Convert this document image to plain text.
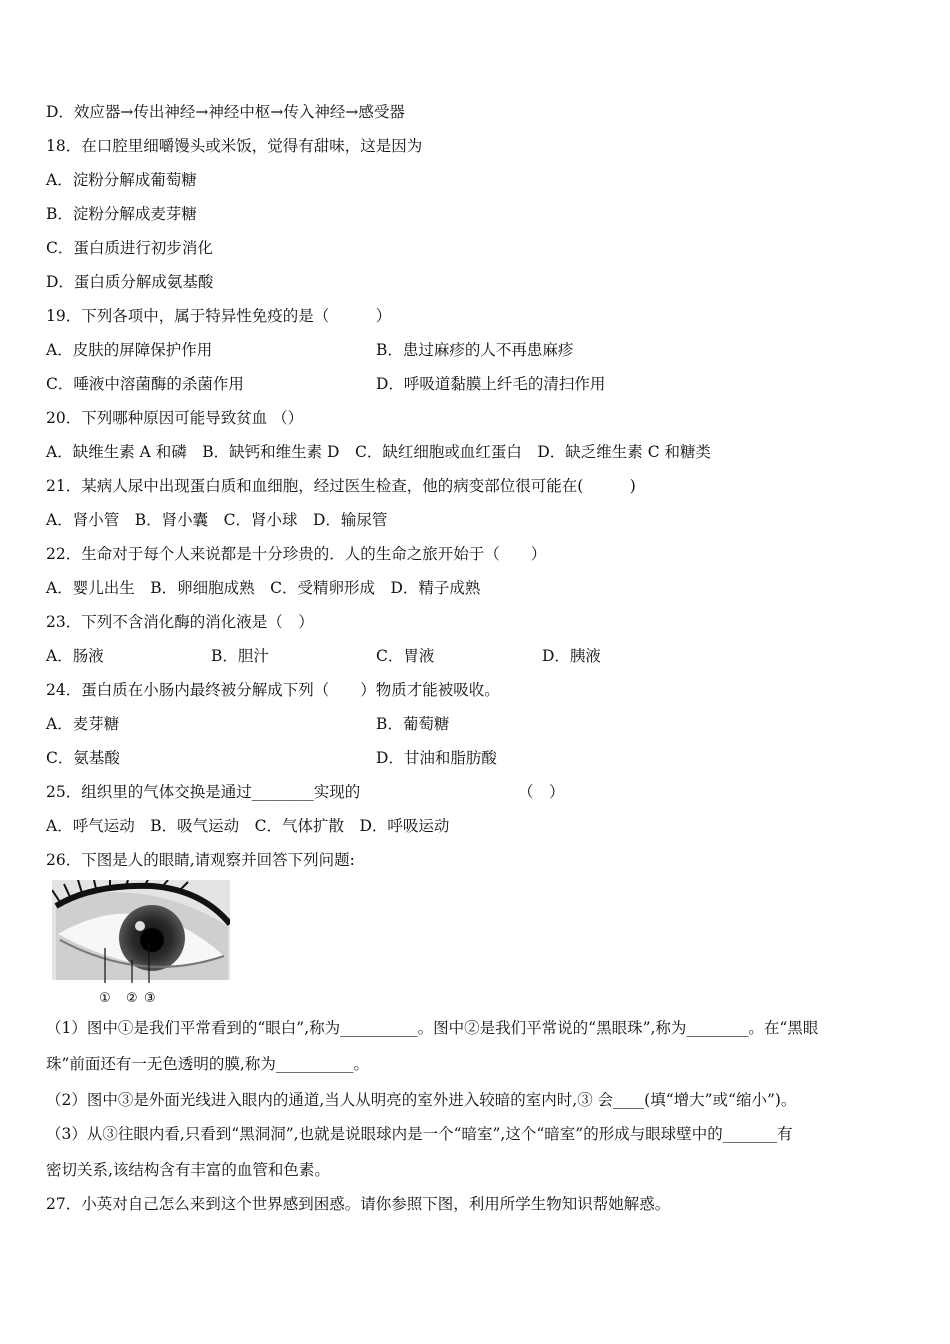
D．效应器→传出神经→神经中枢→传入神经→感受器
18．在口腔里细嚼馒头或米饭，觉得有甜味，这是因为
A．淀粉分解成葡萄糖
B．淀粉分解成麦芽糖
C．蛋白质进行初步消化
D．蛋白质分解成氨基酸
19．下列各项中，属于特异性免疫的是（　　　）
A．皮肤的屏障保护作用	B．患过麻疹的人不再患麻疹
C．唾液中溶菌酶的杀菌作用	D．呼吸道黏膜上纤毛的清扫作用
20．下列哪种原因可能导致贫血 （）
A．缺维生素 A 和磷　B．缺钙和维生素 D　C．缺红细胞或血红蛋白　D．缺乏维生素 C 和糖类
21．某病人尿中出现蛋白质和血细胞，经过医生检查，他的病变部位很可能在(　　　)
A．肾小管　B．肾小囊　C．肾小球　D．输尿管
22．生命对于每个人来说都是十分珍贵的．人的生命之旅开始于（　　）
A．婴儿出生　B．卵细胞成熟　C．受精卵形成　D．精子成熟
23．下列不含消化酶的消化液是（　）
A．肠液	B．胆汁	C．胃液	D．胰液
24．蛋白质在小肠内最终被分解成下列（　　）物质才能被吸收。
A．麦芽糖	B．葡萄糖
C．氨基酸	D．甘油和脂肪酸
25．组织里的气体交换是通过________实现的	（　）
A．呼气运动　B．吸气运动　C．气体扩散　D．呼吸运动
26．下图是人的眼睛,请观察并回答下列问题:
① ② ③
（1）图中①是我们平常看到的“眼白”,称为__________。图中②是我们平常说的“黑眼珠”,称为________。在“黑眼
珠”前面还有一无色透明的膜,称为__________。
（2）图中③是外面光线进入眼内的通道,当人从明亮的室外进入较暗的室内时,③ 会____(填“增大”或“缩小”)。
（3）从③往眼内看,只看到“黑洞洞”,也就是说眼球内是一个“暗室”,这个“暗室”的形成与眼球壁中的_______有
密切关系,该结构含有丰富的血管和色素。
27．小英对自己怎么来到这个世界感到困惑。请你参照下图，利用所学生物知识帮她解惑。
